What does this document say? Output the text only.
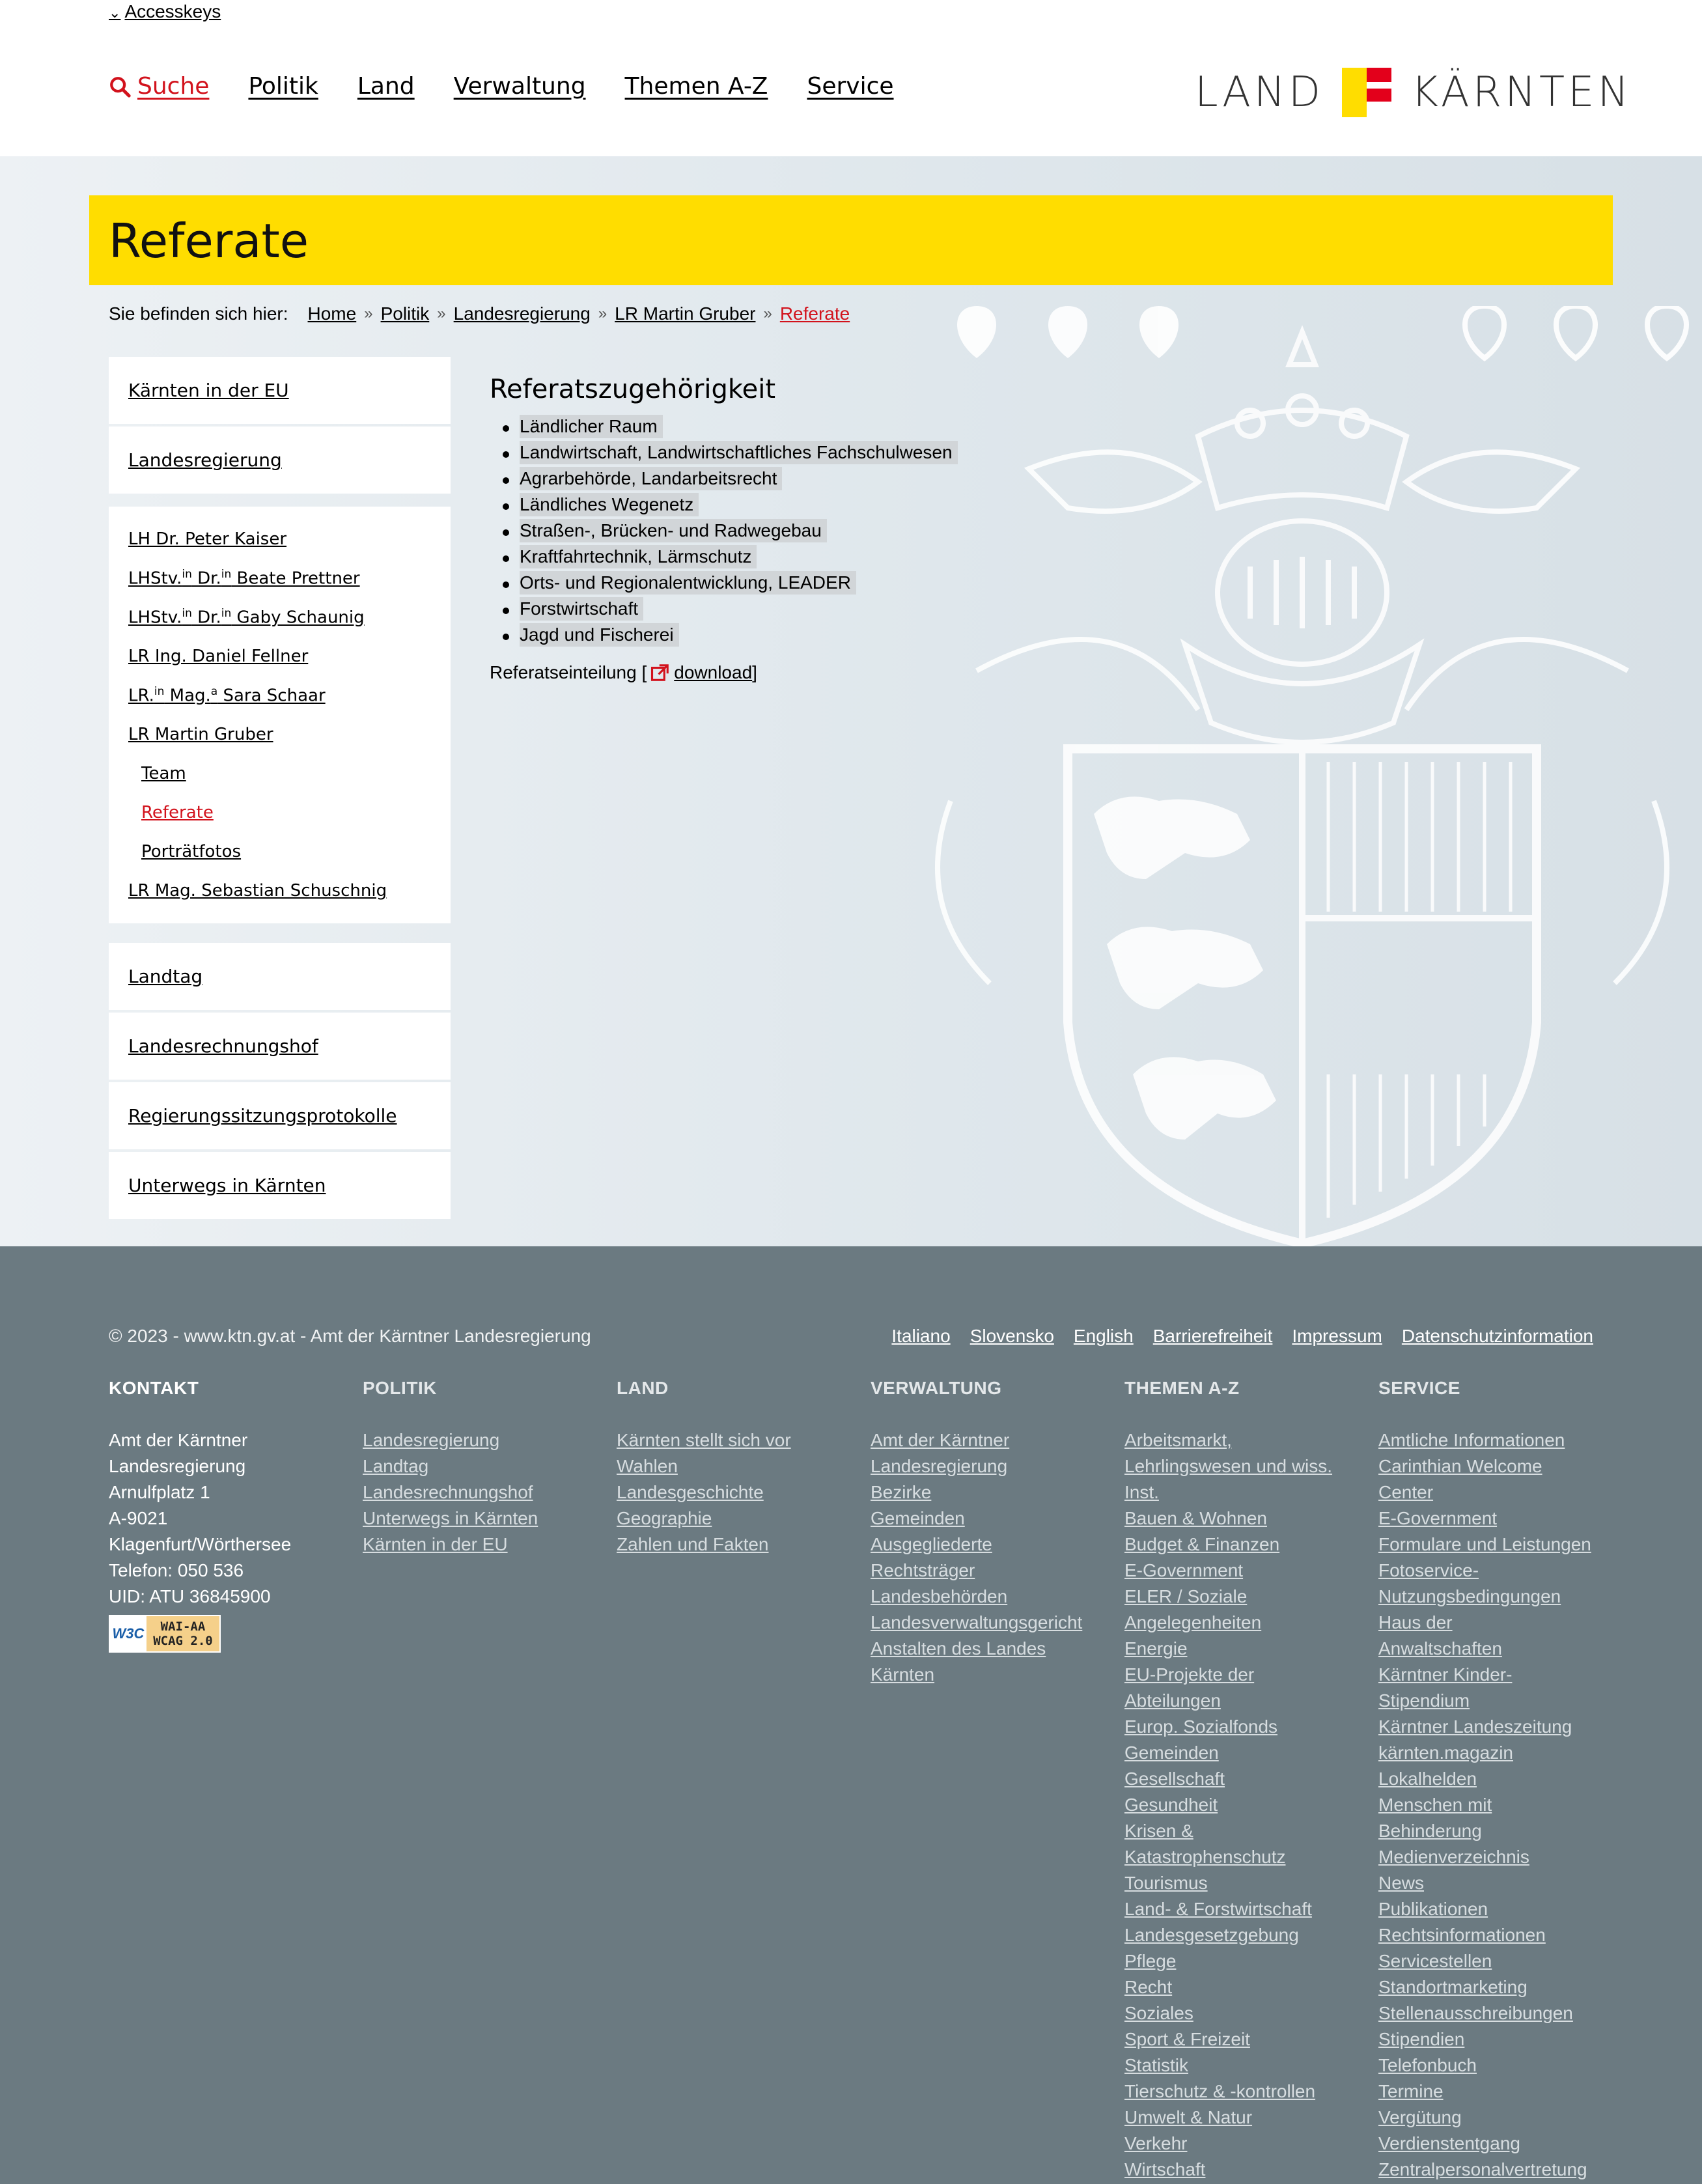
⌄ Accesskeys
Suche Politik Land Verwaltung Themen A-Z Service	LAND KÄRNTEN
Referate
Sie befinden sich hier: Home » Politik » Landesregierung » LR Martin Gruber » Referate
Kärnten in der EU
Landesregierung
LH Dr. Peter Kaiser
LHStv.$^{in}$ Dr.$^{in}$ Beate Prettner
LHStv.$^{in}$ Dr.$^{in}$ Gaby Schaunig
LR Ing. Daniel Fellner
LR.$^{in}$ Mag.$^a$ Sara Schaar
LR Martin Gruber
Team
Referate
Porträtfotos
LR Mag. Sebastian Schuschnig
Landtag
Landesrechnungshof
Regierungssitzungsprotokolle
Unterwegs in Kärnten
Referatszugehörigkeit
Ländlicher Raum
Landwirtschaft, Landwirtschaftliches Fachschulwesen
Agrarbehörde, Landarbeitsrecht
Ländliches Wegenetz
Straßen-, Brücken- und Radwegebau
Kraftfahrtechnik, Lärmschutz
Orts- und Regionalentwicklung, LEADER
Forstwirtschaft
Jagd und Fischerei
Referatseinteilung [ download ]
© 2023 - www.ktn.gv.at - Amt der Kärntner Landesregierung	Italiano Slovensko English Barrierefreiheit Impressum Datenschutzinformation
KONTAKT
Amt der Kärntner
Landesregierung
Arnulfplatz 1
A-9021
Klagenfurt/Wörthersee
Telefon: 050 536
UID: ATU 36845900
W3C WAI-AA
WCAG 2.0
POLITIK
Landesregierung
Landtag
Landesrechnungshof
Unterwegs in Kärnten
Kärnten in der EU
LAND
Kärnten stellt sich vor
Wahlen
Landesgeschichte
Geographie
Zahlen und Fakten
VERWALTUNG
Amt der Kärntner
Landesregierung
Bezirke
Gemeinden
Ausgegliederte
Rechtsträger
Landesbehörden
Landesverwaltungsgericht
Anstalten des Landes
Kärnten
THEMEN A-Z
Arbeitsmarkt,
Lehrlingswesen und wiss.
Inst.
Bauen & Wohnen
Budget & Finanzen
E-Government
ELER / Soziale
Angelegenheiten
Energie
EU-Projekte der
Abteilungen
Europ. Sozialfonds
Gemeinden
Gesellschaft
Gesundheit
Krisen &
Katastrophenschutz
Tourismus
Land- & Forstwirtschaft
Landesgesetzgebung
Pflege
Recht
Soziales
Sport & Freizeit
Statistik
Tierschutz & -kontrollen
Umwelt & Natur
Verkehr
Wirtschaft
SERVICE
Amtliche Informationen
Carinthian Welcome
Center
E-Government
Formulare und Leistungen
Fotoservice-
Nutzungsbedingungen
Haus der
Anwaltschaften
Kärntner Kinder-
Stipendium
Kärntner Landeszeitung
kärnten.magazin
Lokalhelden
Menschen mit
Behinderung
Medienverzeichnis
News
Publikationen
Rechtsinformationen
Servicestellen
Standortmarketing
Stellenausschreibungen
Stipendien
Telefonbuch
Termine
Vergütung
Verdienstentgang
Zentralpersonalvertretung
